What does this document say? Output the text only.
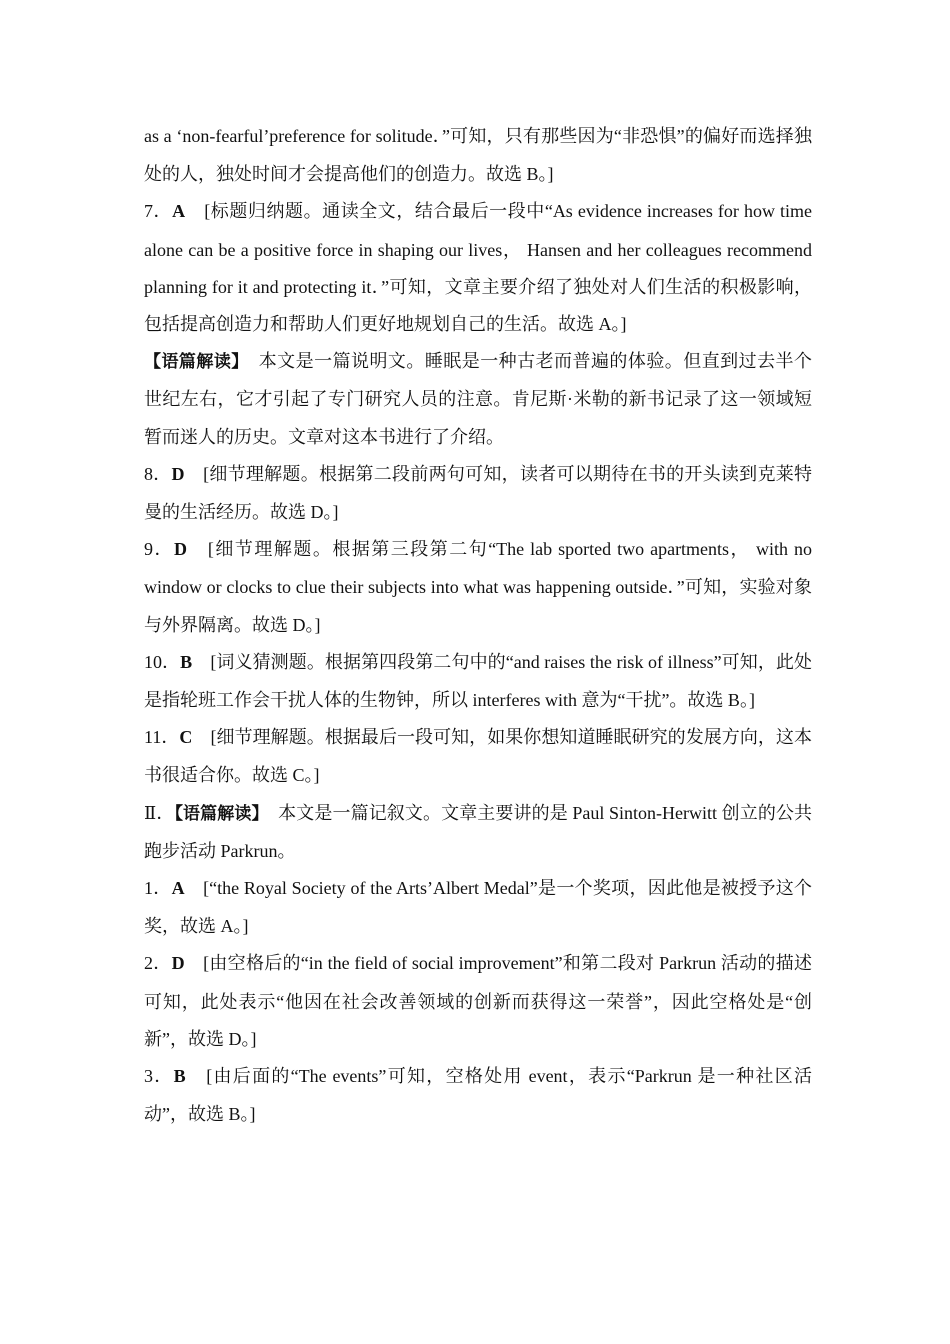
as a ‘non-fearful’preference for solitude．”可知，只有那些因为“非恐惧”的偏好而选择独处的人，独处时间才会提高他们的创造力。故选 B。]

7．A　[标题归纳题。通读全文，结合最后一段中“As evidence increases for how time alone can be a positive force in shaping our lives， Hansen and her colleagues recommend planning for it and protecting it．”可知，文章主要介绍了独处对人们生活的积极影响，包括提高创造力和帮助人们更好地规划自己的生活。故选 A。]

【语篇解读】　本文是一篇说明文。睡眠是一种古老而普遍的体验。但直到过去半个世纪左右，它才引起了专门研究人员的注意。肯尼斯·米勒的新书记录了这一领域短暂而迷人的历史。文章对这本书进行了介绍。

8．D　[细节理解题。根据第二段前两句可知，读者可以期待在书的开头读到克莱特曼的生活经历。故选 D。]

9．D　[细节理解题。根据第三段第二句“The lab sported two apartments， with no window or clocks to clue their subjects into what was happening outside．”可知，实验对象与外界隔离。故选 D。]

10．B　[词义猜测题。根据第四段第二句中的“and raises the risk of illness”可知，此处是指轮班工作会干扰人体的生物钟，所以 interferes with 意为“干扰”。故选 B。]

11．C　[细节理解题。根据最后一段可知，如果你想知道睡眠研究的发展方向，这本书很适合你。故选 C。]

Ⅱ．【语篇解读】　本文是一篇记叙文。文章主要讲的是 Paul Sinton-Herwitt 创立的公共跑步活动 Parkrun。

1．A　[“the Royal Society of the Arts’Albert Medal”是一个奖项，因此他是被授予这个奖，故选 A。]

2．D　[由空格后的“in the field of social improvement”和第二段对 Parkrun 活动的描述可知，此处表示“他因在社会改善领域的创新而获得这一荣誉”，因此空格处是“创新”，故选 D。]

3．B　[由后面的“The events”可知，空格处用 event，表示“Parkrun 是一种社区活动”，故选 B。]
